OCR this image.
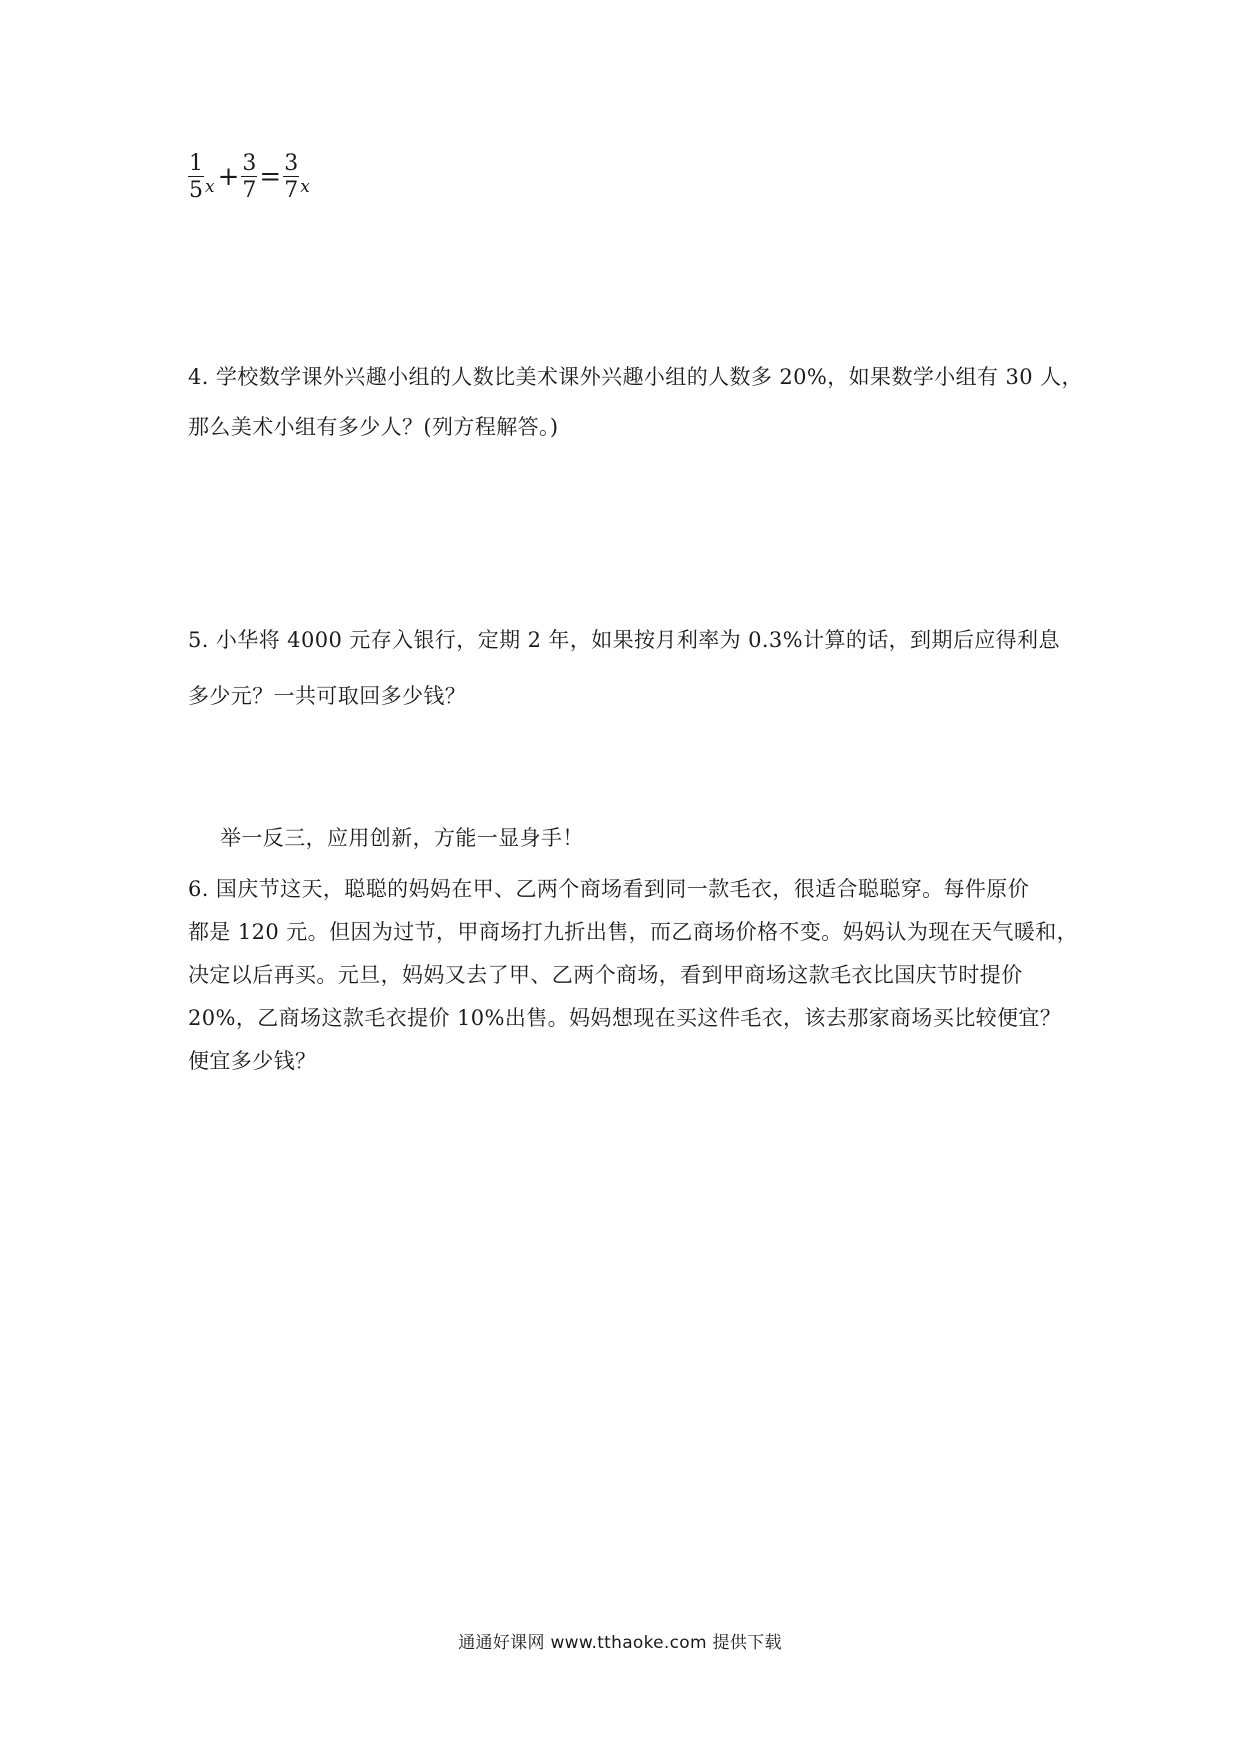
$\frac{1}{5}$ $x + \frac{3}{7} = \frac{3}{7}$ x
4. 学校数学课外兴趣小组的人数比美术课外兴趣小组的人数多 20%，如果数学小组有 30 人，
那么美术小组有多少人？(列方程解答。)
5. 小华将 4000 元存入银行，定期 2 年，如果按月利率为 0.3%计算的话，到期后应得利息
多少元？一共可取回多少钱？
举一反三，应用创新，方能一显身手！
6. 国庆节这天，聪聪的妈妈在甲、乙两个商场看到同一款毛衣，很适合聪聪穿。每件原价
都是 120 元。但因为过节，甲商场打九折出售，而乙商场价格不变。妈妈认为现在天气暖和，
决定以后再买。元旦，妈妈又去了甲、乙两个商场，看到甲商场这款毛衣比国庆节时提价
20%，乙商场这款毛衣提价 10%出售。妈妈想现在买这件毛衣，该去那家商场买比较便宜？
便宜多少钱？
通通好课网 www.tthaoke.com 提供下载
